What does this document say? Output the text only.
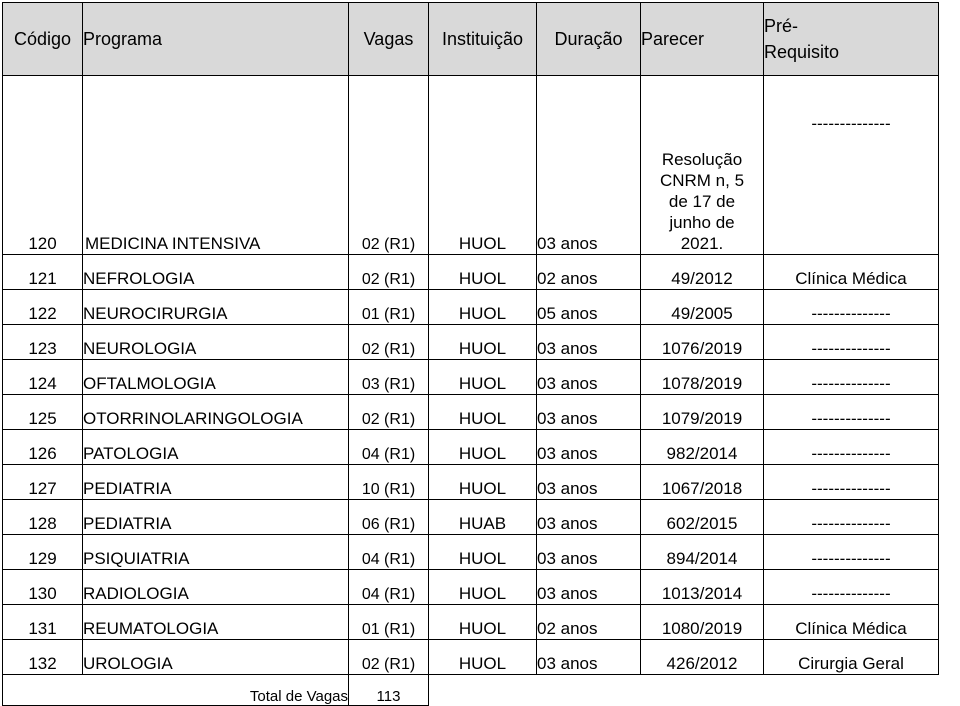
Código	Programa	Vagas	Instituição	Duração	Parecer	Pré-
Requisito
120	MEDICINA INTENSIVA	02 (R1)	HUOL	03 anos	Resolução
CNRM n, 5
de 17 de
junho de
2021.	--------------
121	NEFROLOGIA	02 (R1)	HUOL	02 anos	49/2012	Clínica Médica
122	NEUROCIRURGIA	01 (R1)	HUOL	05 anos	49/2005	--------------
123	NEUROLOGIA	02 (R1)	HUOL	03 anos	1076/2019	--------------
124	OFTALMOLOGIA	03 (R1)	HUOL	03 anos	1078/2019	--------------
125	OTORRINOLARINGOLOGIA	02 (R1)	HUOL	03 anos	1079/2019	--------------
126	PATOLOGIA	04 (R1)	HUOL	03 anos	982/2014	--------------
127	PEDIATRIA	10 (R1)	HUOL	03 anos	1067/2018	--------------
128	PEDIATRIA	06 (R1)	HUAB	03 anos	602/2015	--------------
129	PSIQUIATRIA	04 (R1)	HUOL	03 anos	894/2014	--------------
130	RADIOLOGIA	04 (R1)	HUOL	03 anos	1013/2014	--------------
131	REUMATOLOGIA	01 (R1)	HUOL	02 anos	1080/2019	Clínica Médica
132	UROLOGIA	02 (R1)	HUOL	03 anos	426/2012	Cirurgia Geral
Total de Vagas		113				
